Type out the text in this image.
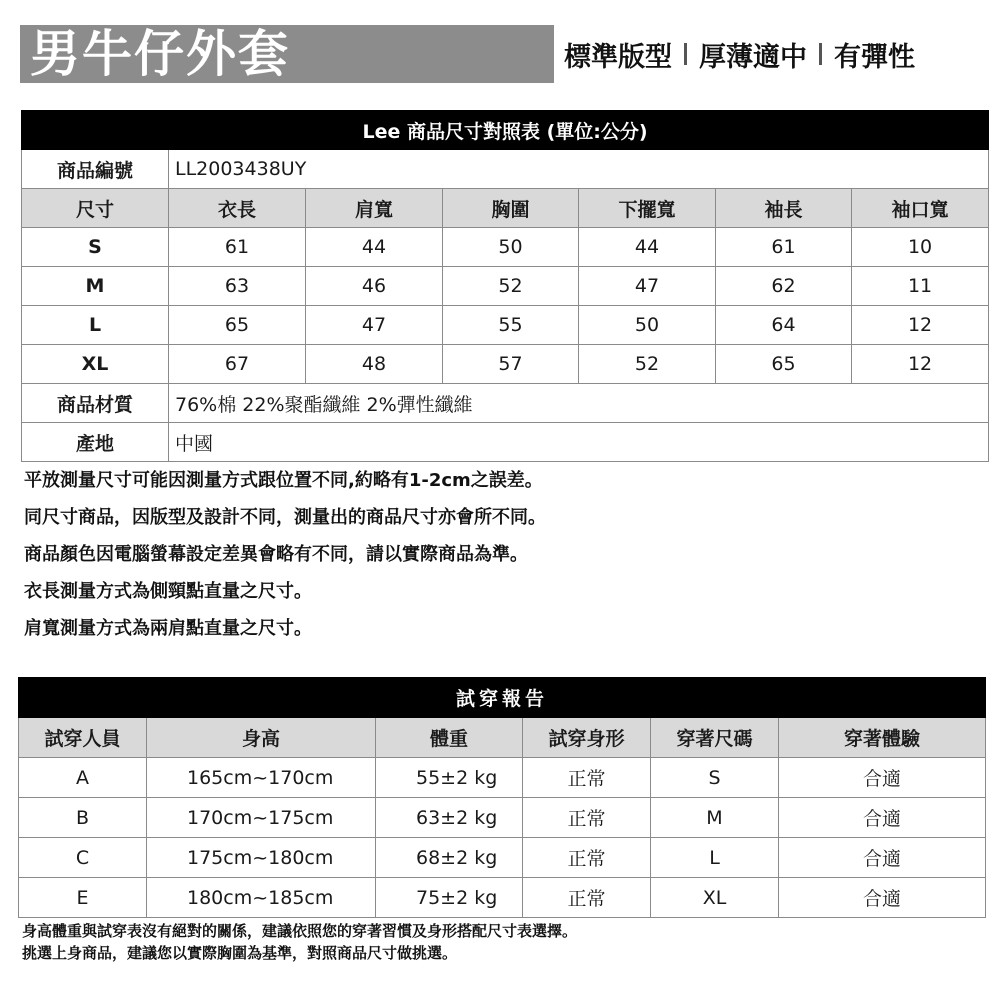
男牛仔外套	標準版型 厚薄適中 有彈性
Lee 商品尺寸對照表 (單位:公分)						
商品編號	LL2003438UY					
尺寸	衣長	肩寬	胸圍	下擺寬	袖長	袖口寬
S	61	44	50	44	61	10
M	63	46	52	47	62	11
L	65	47	55	50	64	12
XL	67	48	57	52	65	12
商品材質	76%棉 22%聚酯纖維 2%彈性纖維					
產地	中國					
平放測量尺寸可能因測量方式跟位置不同,約略有1-2cm之誤差。
同尺寸商品，因版型及設計不同，測量出的商品尺寸亦會所不同。
商品顏色因電腦螢幕設定差異會略有不同，請以實際商品為準。
衣長測量方式為側頸點直量之尺寸。
肩寬測量方式為兩肩點直量之尺寸。
試穿報告					
試穿人員	身高	體重	試穿身形	穿著尺碼	穿著體驗
A	165cm~170cm	55±2 kg	正常	S	合適
B	170cm~175cm	63±2 kg	正常	M	合適
C	175cm~180cm	68±2 kg	正常	L	合適
E	180cm~185cm	75±2 kg	正常	XL	合適
身高體重與試穿表沒有絕對的關係，建議依照您的穿著習慣及身形搭配尺寸表選擇。
挑選上身商品，建議您以實際胸圍為基準，對照商品尺寸做挑選。
